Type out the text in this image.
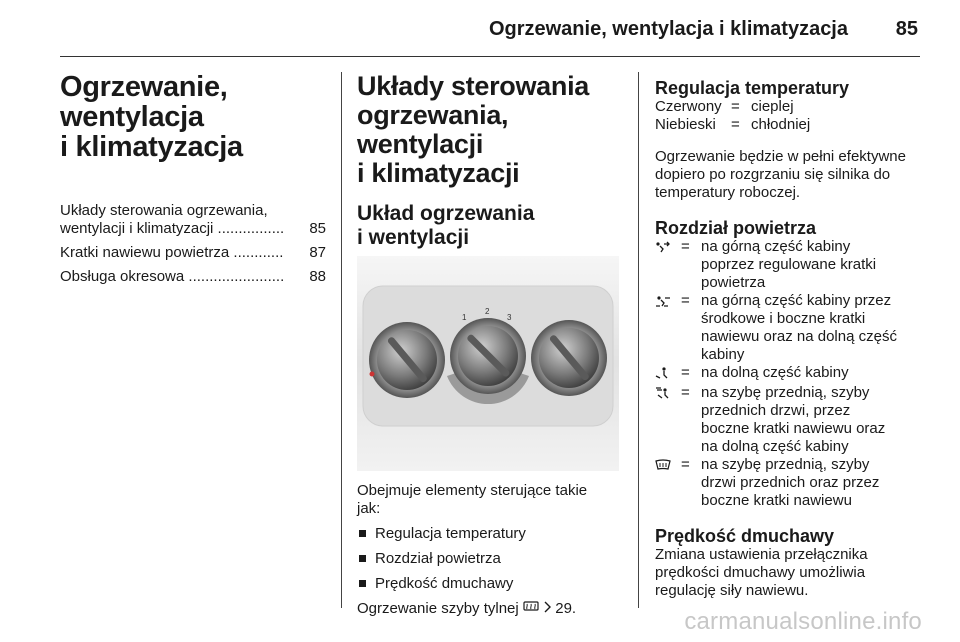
Ogrzewanie, wentylacja i klimatyzacja 85
Ogrzewanie,
wentylacja
i klimatyzacja
Układy sterowania ogrzewania,
wentylacji i klimatyzacji ................	85
Kratki nawiewu powietrza ............	87
Obsługa okresowa .......................	88
Układy sterowania
ogrzewania, wentylacji
i klimatyzacji
Układ ogrzewania
i wentylacji
1
2
3

Obejmuje elementy sterujące takie
jak:

Regulacja temperatury
Rozdział powietrza
Prędkość dmuchawy

Ogrzewanie szyby tylnej 29.

Regulacja temperatury
Czerwony = cieplej
Niebieski	= chłodniej

Ogrzewanie będzie w pełni efektywne
dopiero po rozgrzaniu się silnika do
temperatury roboczej.

Rozdział powietrza
= na górną część kabiny
poprzez regulowane kratki
powietrza
= na górną część kabiny przez
środkowe i boczne kratki
nawiewu oraz na dolną część
kabiny
= na dolną część kabiny
= na szybę przednią, szyby
przednich drzwi, przez
boczne kratki nawiewu oraz
na dolną część kabiny
= na szybę przednią, szyby
drzwi przednich oraz przez
boczne kratki nawiewu
Prędkość dmuchawy

Zmiana ustawienia przełącznika
prędkości dmuchawy umożliwia
regulację siły nawiewu.

carmanualsonline.info
